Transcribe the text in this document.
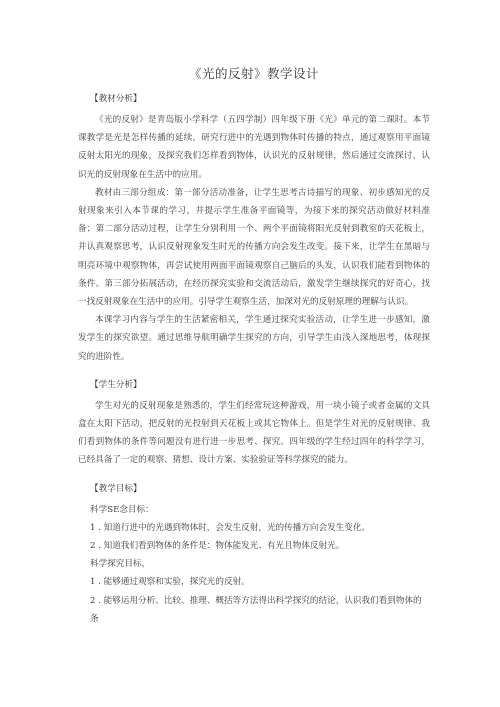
《光的反射》教学设计
【教材分析】

《光的反射》是青岛版小学科学（五四学制）四年级下册《光》单元的第二课时。本节课教学是光是怎样传播的延续，研究行进中的光遇到物体时传播的特点，通过观察用平面镜反射太阳光的现象，及探究我们怎样看到物体，认识光的反射规律，然后通过交流探讨，认识光的反射现象在生活中的应用。

教材由三部分组成：第一部分活动准备，让学生思考古诗描写的现象、初步感知光的反射现象来引入本节课的学习，并提示学生准备平面镜等，为接下来的探究活动做好材料准备；第二部分活动过程，让学生分别利用一个、两个平面镜将阳光反射到教室的天花板上，并认真观察思考，认识反射现象发生时光的传播方向会发生改变。接下来，让学生在黑暗与明亮环境中观察物体，再尝试使用两面平面镜观察自己脑后的头发，认识我们能看到物体的条件。第三部分拓展活动，在经历探究实验和交流活动后，激发学生继续探究的好奇心，找一找反射现象在生活中的应用。引导学生观察生活，加深对光的反射原理的理解与认识。

本课学习内容与学生的生活紧密相关，学生通过探究实验活动，让学生进一步感知，激发学生的探究欲望。通过思维导航明确学生探究的方向，引导学生由浅入深地思考，体现探究的进阶性。

【学生分析】

学生对光的反射现象是熟悉的，学生们经常玩这种游戏，用一块小镜子或者金属的文具盒在太阳下活动，把反射的光投射到天花板上或其它物体上。但是学生对光的反射规律、我们看到物体的条件等问题没有进行进一步思考、探究。四年级的学生经过四年的科学学习，已经具备了一定的观察、猜想、设计方案、实验验证等科学探究的能力。

【教学目标】
科学SE念目标：
1 . 知道行进中的光遇到物体时，会发生反射，光的传播方向会发生变化。
2 . 知道我们看到物体的条件是：物体能发光、有光且物体反射光。
科学探究目标，
1 . 能够通过观察和实验，探究光的反射。
2 . 能够运用分析、比较、推理、概括等方法得出科学探究的结论，认识我们看到物体的条
